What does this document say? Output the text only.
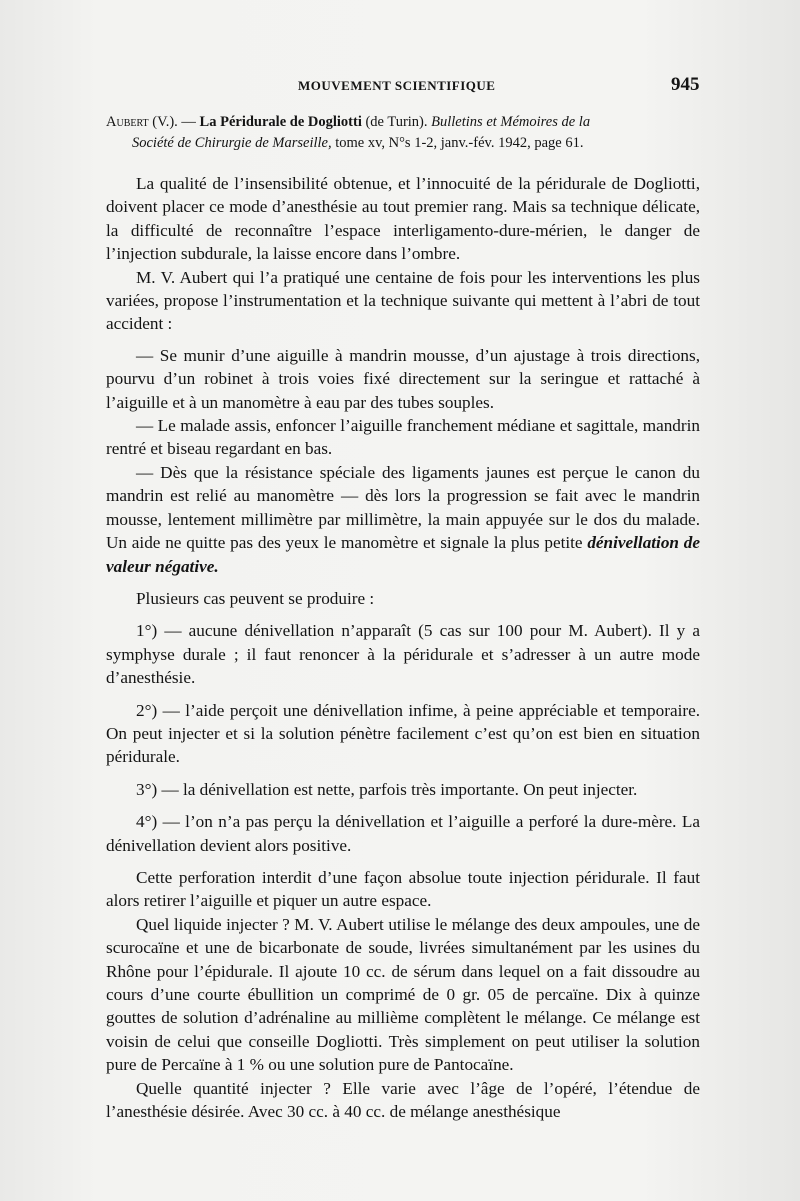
MOUVEMENT SCIENTIFIQUE	945
Aubert (V.). — La Péridurale de Dogliotti (de Turin). Bulletins et Mémoires de la
Société de Chirurgie de Marseille, tome xv, N°s 1-2, janv.-fév. 1942, page 61.

La qualité de l’insensibilité obtenue, et l’innocuité de la péridurale de Dogliotti, doivent placer ce mode d’anesthésie au tout premier rang. Mais sa technique délicate, la difficulté de reconnaître l’espace interligamento-dure-mérien, le danger de l’injection subdurale, la laisse encore dans l’ombre.

M. V. Aubert qui l’a pratiqué une centaine de fois pour les interventions les plus variées, propose l’instrumentation et la technique suivante qui mettent à l’abri de tout accident :

— Se munir d’une aiguille à mandrin mousse, d’un ajustage à trois directions, pourvu d’un robinet à trois voies fixé directement sur la seringue et rattaché à l’aiguille et à un manomètre à eau par des tubes souples.

— Le malade assis, enfoncer l’aiguille franchement médiane et sagittale, mandrin rentré et biseau regardant en bas.

— Dès que la résistance spéciale des ligaments jaunes est perçue le canon du mandrin est relié au manomètre — dès lors la progression se fait avec le mandrin mousse, lentement millimètre par millimètre, la main appuyée sur le dos du malade. Un aide ne quitte pas des yeux le manomètre et signale la plus petite dénivellation de valeur négative.

Plusieurs cas peuvent se produire :

1°) — aucune dénivellation n’apparaît (5 cas sur 100 pour M. Aubert). Il y a symphyse durale ; il faut renoncer à la péridurale et s’adresser à un autre mode d’anesthésie.

2°) — l’aide perçoit une dénivellation infime, à peine appréciable et temporaire. On peut injecter et si la solution pénètre facilement c’est qu’on est bien en situation péridurale.

3°) — la dénivellation est nette, parfois très importante. On peut injecter.

4°) — l’on n’a pas perçu la dénivellation et l’aiguille a perforé la dure-mère. La dénivellation devient alors positive.

Cette perforation interdit d’une façon absolue toute injection péridurale. Il faut alors retirer l’aiguille et piquer un autre espace.

Quel liquide injecter ? M. V. Aubert utilise le mélange des deux ampoules, une de scurocaïne et une de bicarbonate de soude, livrées simultanément par les usines du Rhône pour l’épidurale. Il ajoute 10 cc. de sérum dans lequel on a fait dissoudre au cours d’une courte ébullition un comprimé de 0 gr. 05 de percaïne. Dix à quinze gouttes de solution d’adrénaline au millième complètent le mélange. Ce mélange est voisin de celui que conseille Dogliotti. Très simplement on peut utiliser la solution pure de Percaïne à 1 % ou une solution pure de Pantocaïne.

Quelle quantité injecter ? Elle varie avec l’âge de l’opéré, l’étendue de l’anesthésie désirée. Avec 30 cc. à 40 cc. de mélange anesthésique
